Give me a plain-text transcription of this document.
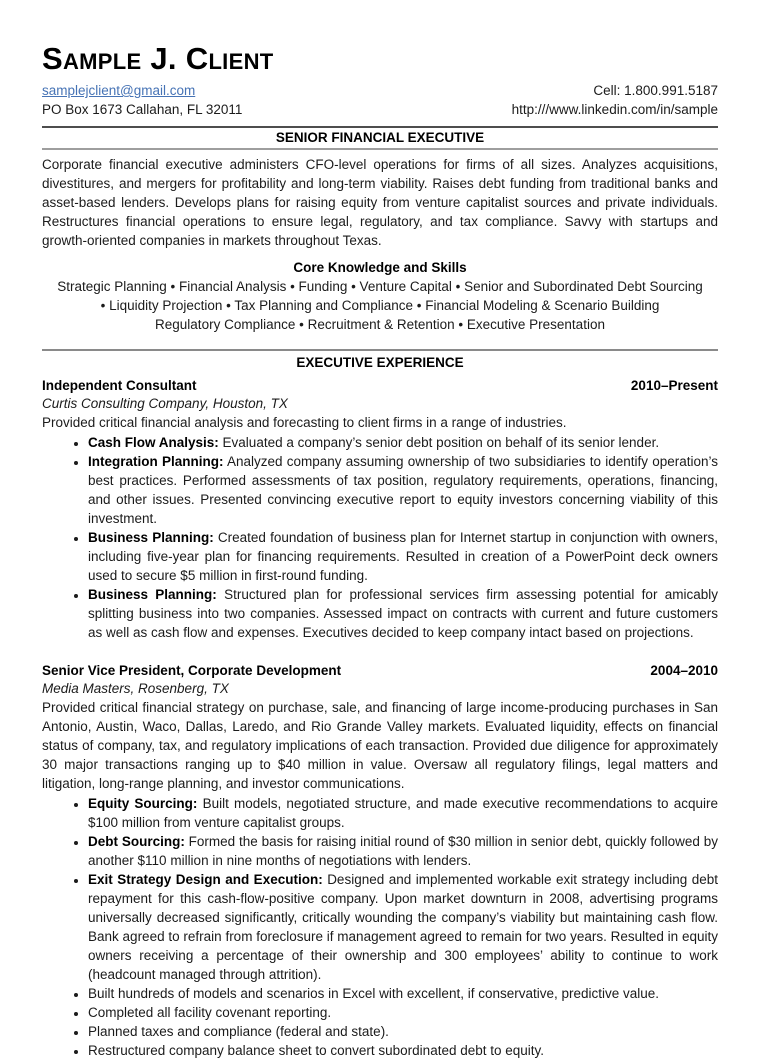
Sample J. Client
samplejclient@gmail.com
PO Box 1673 Callahan, FL 32011
Cell: 1.800.991.5187
http:///www.linkedin.com/in/sample
SENIOR FINANCIAL EXECUTIVE

Corporate financial executive administers CFO-level operations for firms of all sizes. Analyzes acquisitions, divestitures, and mergers for profitability and long-term viability. Raises debt funding from traditional banks and asset-based lenders. Develops plans for raising equity from venture capitalist sources and private individuals. Restructures financial operations to ensure legal, regulatory, and tax compliance. Savvy with startups and growth-oriented companies in markets throughout Texas.

Core Knowledge and Skills
Strategic Planning • Financial Analysis • Funding • Venture Capital • Senior and Subordinated Debt Sourcing
• Liquidity Projection • Tax Planning and Compliance • Financial Modeling & Scenario Building
Regulatory Compliance • Recruitment & Retention • Executive Presentation
EXECUTIVE EXPERIENCE
Independent Consultant	2010–Present
Curtis Consulting Company, Houston, TX

Provided critical financial analysis and forecasting to client firms in a range of industries.

• Cash Flow Analysis: Evaluated a company’s senior debt position on behalf of its senior lender.
• Integration Planning: Analyzed company assuming ownership of two subsidiaries to identify operation’s best practices. Performed assessments of tax position, regulatory requirements, operations, financing, and other issues. Presented convincing executive report to equity investors concerning viability of this investment.
• Business Planning: Created foundation of business plan for Internet startup in conjunction with owners, including five-year plan for financing requirements. Resulted in creation of a PowerPoint deck owners used to secure $5 million in first-round funding.
• Business Planning: Structured plan for professional services firm assessing potential for amicably splitting business into two companies. Assessed impact on contracts with current and future customers as well as cash flow and expenses. Executives decided to keep company intact based on projections.
Senior Vice President, Corporate Development	2004–2010
Media Masters, Rosenberg, TX

Provided critical financial strategy on purchase, sale, and financing of large income-producing purchases in San Antonio, Austin, Waco, Dallas, Laredo, and Rio Grande Valley markets. Evaluated liquidity, effects on financial status of company, tax, and regulatory implications of each transaction. Provided due diligence for approximately 30 major transactions ranging up to $40 million in value. Oversaw all regulatory filings, legal matters and litigation, long-range planning, and investor communications.

• Equity Sourcing: Built models, negotiated structure, and made executive recommendations to acquire $100 million from venture capitalist groups.
• Debt Sourcing: Formed the basis for raising initial round of $30 million in senior debt, quickly followed by another $110 million in nine months of negotiations with lenders.
• Exit Strategy Design and Execution: Designed and implemented workable exit strategy including debt repayment for this cash-flow-positive company. Upon market downturn in 2008, advertising programs universally decreased significantly, critically wounding the company’s viability but maintaining cash flow. Bank agreed to refrain from foreclosure if management agreed to remain for two years. Resulted in equity owners receiving a percentage of their ownership and 300 employees’ ability to continue to work (headcount managed through attrition).
• Built hundreds of models and scenarios in Excel with excellent, if conservative, predictive value.
• Completed all facility covenant reporting.
• Planned taxes and compliance (federal and state).
• Restructured company balance sheet to convert subordinated debt to equity.
